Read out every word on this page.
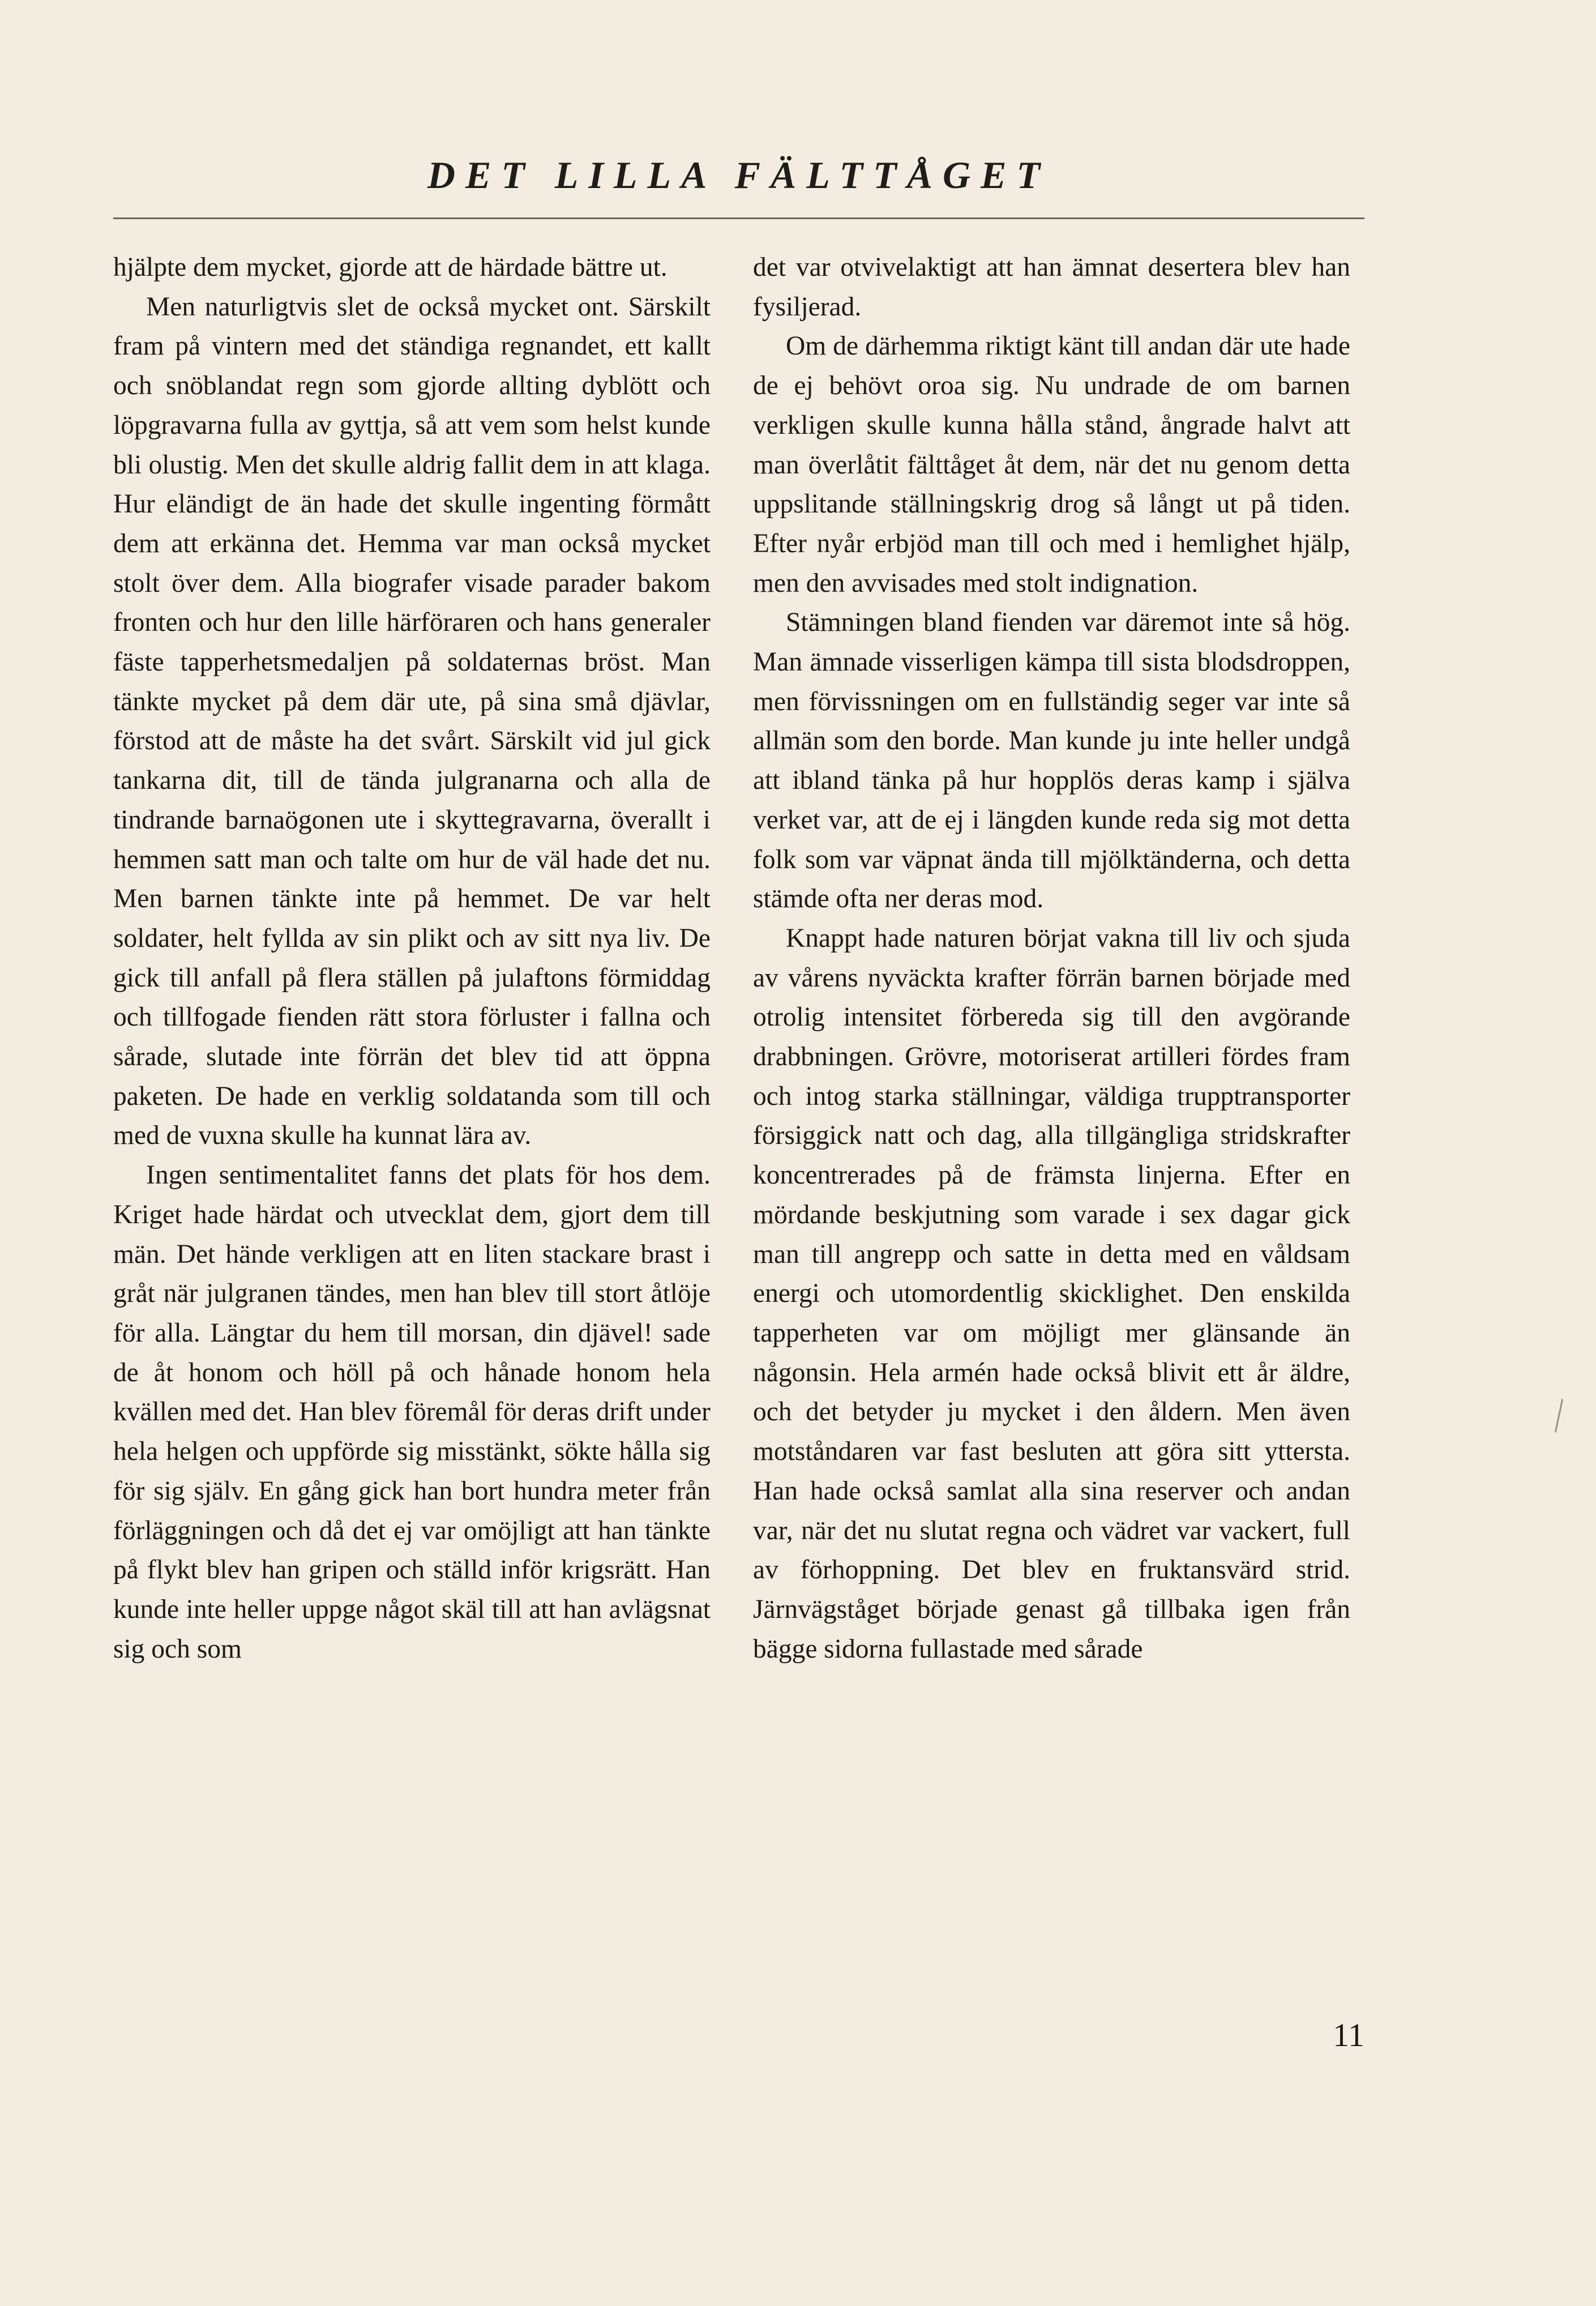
DET LILLA FÄLTTÅGET

hjälpte dem mycket, gjorde att de härdade bättre ut.

Men naturligtvis slet de också mycket ont. Särskilt fram på vintern med det ständiga regnandet, ett kallt och snöblandat regn som gjorde allting dyblött och löpgravarna fulla av gyttja, så att vem som helst kunde bli olustig. Men det skulle aldrig fallit dem in att klaga. Hur eländigt de än hade det skulle ingenting förmått dem att erkänna det. Hemma var man också mycket stolt över dem. Alla biografer visade parader bakom fronten och hur den lille härföraren och hans generaler fäste tapperhetsmedaljen på soldaternas bröst. Man tänkte mycket på dem där ute, på sina små djävlar, förstod att de måste ha det svårt. Särskilt vid jul gick tankarna dit, till de tända julgranarna och alla de tindrande barnaögonen ute i skyttegravarna, överallt i hemmen satt man och talte om hur de väl hade det nu. Men barnen tänkte inte på hemmet. De var helt soldater, helt fyllda av sin plikt och av sitt nya liv. De gick till anfall på flera ställen på julaftons förmiddag och tillfogade fienden rätt stora förluster i fallna och sårade, slutade inte förrän det blev tid att öppna paketen. De hade en verklig soldatanda som till och med de vuxna skulle ha kunnat lära av.

Ingen sentimentalitet fanns det plats för hos dem. Kriget hade härdat och utvecklat dem, gjort dem till män. Det hände verkligen att en liten stackare brast i gråt när julgranen tändes, men han blev till stort åtlöje för alla. Längtar du hem till morsan, din djävel! sade de åt honom och höll på och hånade honom hela kvällen med det. Han blev föremål för deras drift under hela helgen och uppförde sig misstänkt, sökte hålla sig för sig själv. En gång gick han bort hundra meter från förläggningen och då det ej var omöjligt att han tänkte på flykt blev han gripen och ställd inför krigsrätt. Han kunde inte heller uppge något skäl till att han avlägsnat sig och som

det var otvivelaktigt att han ämnat desertera blev han fysiljerad.

Om de därhemma riktigt känt till andan där ute hade de ej behövt oroa sig. Nu undrade de om barnen verkligen skulle kunna hålla stånd, ångrade halvt att man överlåtit fälttåget åt dem, när det nu genom detta uppslitande ställningskrig drog så långt ut på tiden. Efter nyår erbjöd man till och med i hemlighet hjälp, men den avvisades med stolt indignation.

Stämningen bland fienden var däremot inte så hög. Man ämnade visserligen kämpa till sista blodsdroppen, men förvissningen om en fullständig seger var inte så allmän som den borde. Man kunde ju inte heller undgå att ibland tänka på hur hopplös deras kamp i själva verket var, att de ej i längden kunde reda sig mot detta folk som var väpnat ända till mjölktänderna, och detta stämde ofta ner deras mod.

Knappt hade naturen börjat vakna till liv och sjuda av vårens nyväckta krafter förrän barnen började med otrolig intensitet förbereda sig till den avgörande drabbningen. Grövre, motoriserat artilleri fördes fram och intog starka ställningar, väldiga trupptransporter försiggick natt och dag, alla tillgängliga stridskrafter koncentrerades på de främsta linjerna. Efter en mördande beskjutning som varade i sex dagar gick man till angrepp och satte in detta med en våldsam energi och utomordentlig skicklighet. Den enskilda tapperheten var om möjligt mer glänsande än någonsin. Hela armén hade också blivit ett år äldre, och det betyder ju mycket i den åldern. Men även motståndaren var fast besluten att göra sitt yttersta. Han hade också samlat alla sina reserver och andan var, när det nu slutat regna och vädret var vackert, full av förhoppning. Det blev en fruktansvärd strid. Järnvägståget började genast gå tillbaka igen från bägge sidorna fullastade med sårade

11
